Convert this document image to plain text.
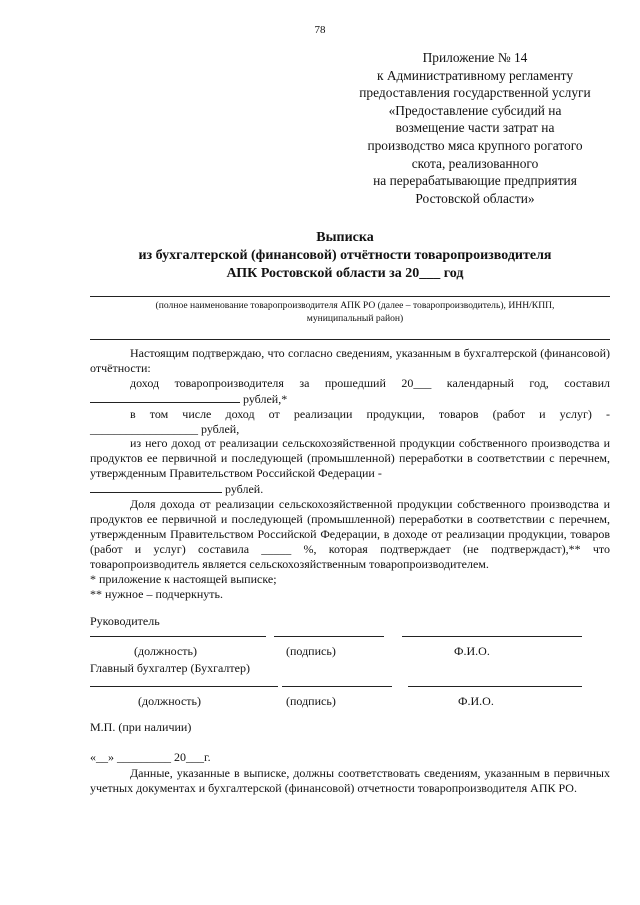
78
Приложение № 14
к Административному регламенту
предоставления государственной услуги
«Предоставление субсидий на
возмещение части затрат на
производство мяса крупного рогатого
скота, реализованного
на перерабатывающие предприятия
Ростовской области»
Выписка
из бухгалтерской (финансовой) отчётности товаропроизводителя
АПК Ростовской области за 20___ год
(полное наименование товаропроизводителя АПК РО (далее – товаропроизводитель), ИНН/КПП,
муниципальный район)
Настоящим подтверждаю, что согласно сведениям, указанным в бухгалтерской (финансовой) отчётности:
доход товаропроизводителя за прошедший 20___ календарный год, составил
рублей,*
в том числе доход от реализации продукции, товаров (работ и услуг) -
__________________ рублей,
из него доход от реализации сельскохозяйственной продукции собственного производства и продуктов ее первичной и последующей (промышленной) переработки в соответствии с перечнем, утвержденным Правительством Российской Федерации -
рублей.
Доля дохода от реализации сельскохозяйственной продукции собственного производства и продуктов ее первичной и последующей (промышленной) переработки в соответствии с перечнем, утвержденным Правительством Российской Федерации, в доходе от реализации продукции, товаров (работ и услуг) составила _____ %, которая подтверждает (не подтверждаст),** что товаропроизводитель является сельскохозяйственным товаропроизводителем.
* приложение к настоящей выписке;
** нужное – подчеркнуть.
Руководитель
(должность)	(подпись)	Ф.И.О.
Главный бухгалтер (Бухгалтер)
(должность)	(подпись)	Ф.И.О.
М.П. (при наличии)
«__» _________ 20___г.
Данные, указанные в выписке, должны соответствовать сведениям, указанным в первичных учетных документах и бухгалтерской (финансовой) отчетности товаропроизводителя АПК РО.
